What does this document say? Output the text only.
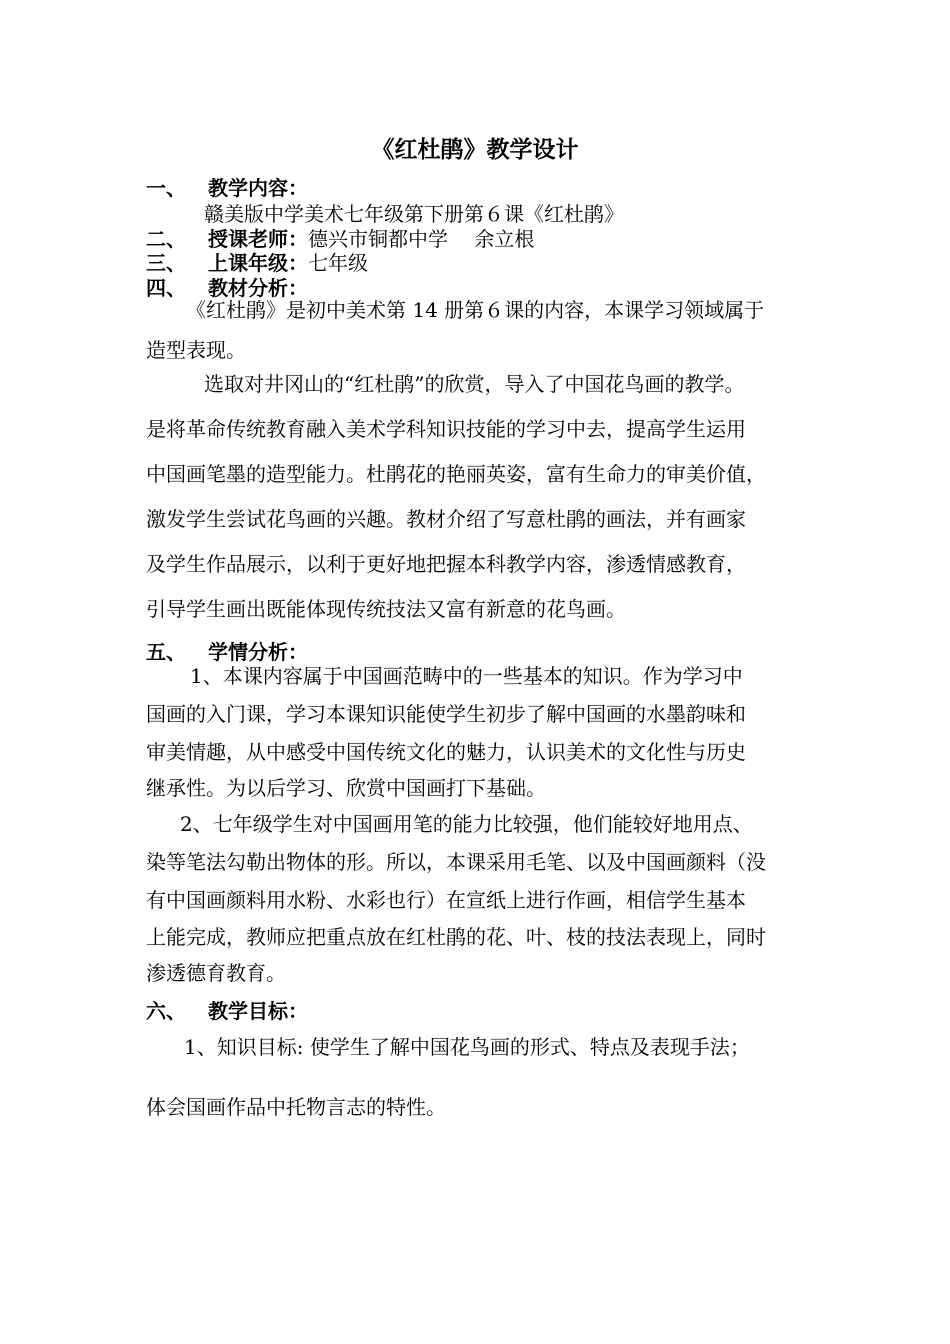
《红杜鹃》教学设计
一、 教学内容：
赣美版中学美术七年级第下册第６课《红杜鹃》
二、 授课老师：德兴市铜都中学　 余立根
三、 上课年级：七年级
四、 教材分析：
《红杜鹃》是初中美术第 14 册第６课的内容，本课学习领域属于
造型表现。
选取对井冈山的“红杜鹃”的欣赏，导入了中国花鸟画的教学。
是将革命传统教育融入美术学科知识技能的学习中去，提高学生运用
中国画笔墨的造型能力。杜鹃花的艳丽英姿，富有生命力的审美价值，
激发学生尝试花鸟画的兴趣。教材介绍了写意杜鹃的画法，并有画家
及学生作品展示，以利于更好地把握本科教学内容，渗透情感教育，
引导学生画出既能体现传统技法又富有新意的花鸟画。
五、 学情分析：
1、本课内容属于中国画范畴中的一些基本的知识。作为学习中
国画的入门课，学习本课知识能使学生初步了解中国画的水墨韵味和
审美情趣，从中感受中国传统文化的魅力，认识美术的文化性与历史
继承性。为以后学习、欣赏中国画打下基础。
2、七年级学生对中国画用笔的能力比较强，他们能较好地用点、
染等笔法勾勒出物体的形。所以，本课采用毛笔、以及中国画颜料（没
有中国画颜料用水粉、水彩也行）在宣纸上进行作画，相信学生基本
上能完成，教师应把重点放在红杜鹃的花、叶、枝的技法表现上，同时
渗透德育教育。
六、 教学目标：
1、知识目标: 使学生了解中国花鸟画的形式、特点及表现手法；
体会国画作品中托物言志的特性。
